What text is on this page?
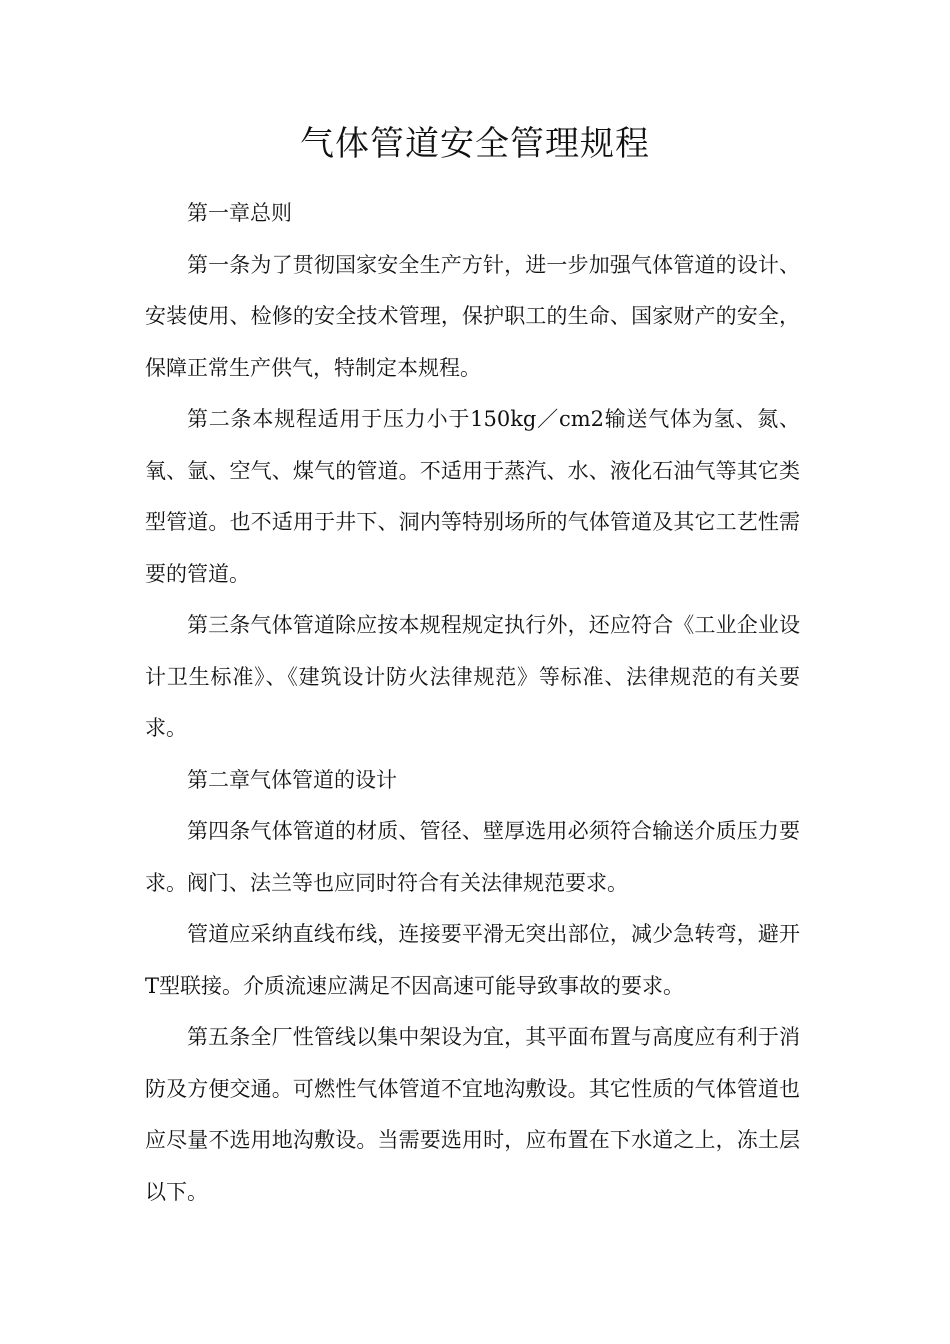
气体管道安全管理规程

第一章总则

第一条为了贯彻国家安全生产方针，进一步加强气体管道的设计、安装使用、检修的安全技术管理，保护职工的生命、国家财产的安全，保障正常生产供气，特制定本规程。

第二条本规程适用于压力小于150kg／cm2输送气体为氢、氮、氧、氩、空气、煤气的管道。不适用于蒸汽、水、液化石油气等其它类型管道。也不适用于井下、洞内等特别场所的气体管道及其它工艺性需要的管道。

第三条气体管道除应按本规程规定执行外，还应符合《工业企业设计卫生标准》、《建筑设计防火法律规范》等标准、法律规范的有关要求。

第二章气体管道的设计

第四条气体管道的材质、管径、壁厚选用必须符合输送介质压力要求。阀门、法兰等也应同时符合有关法律规范要求。

管道应采纳直线布线，连接要平滑无突出部位，减少急转弯，避开T型联接。介质流速应满足不因高速可能导致事故的要求。

第五条全厂性管线以集中架设为宜，其平面布置与高度应有利于消防及方便交通。可燃性气体管道不宜地沟敷设。其它性质的气体管道也应尽量不选用地沟敷设。当需要选用时，应布置在下水道之上，冻土层以下。
